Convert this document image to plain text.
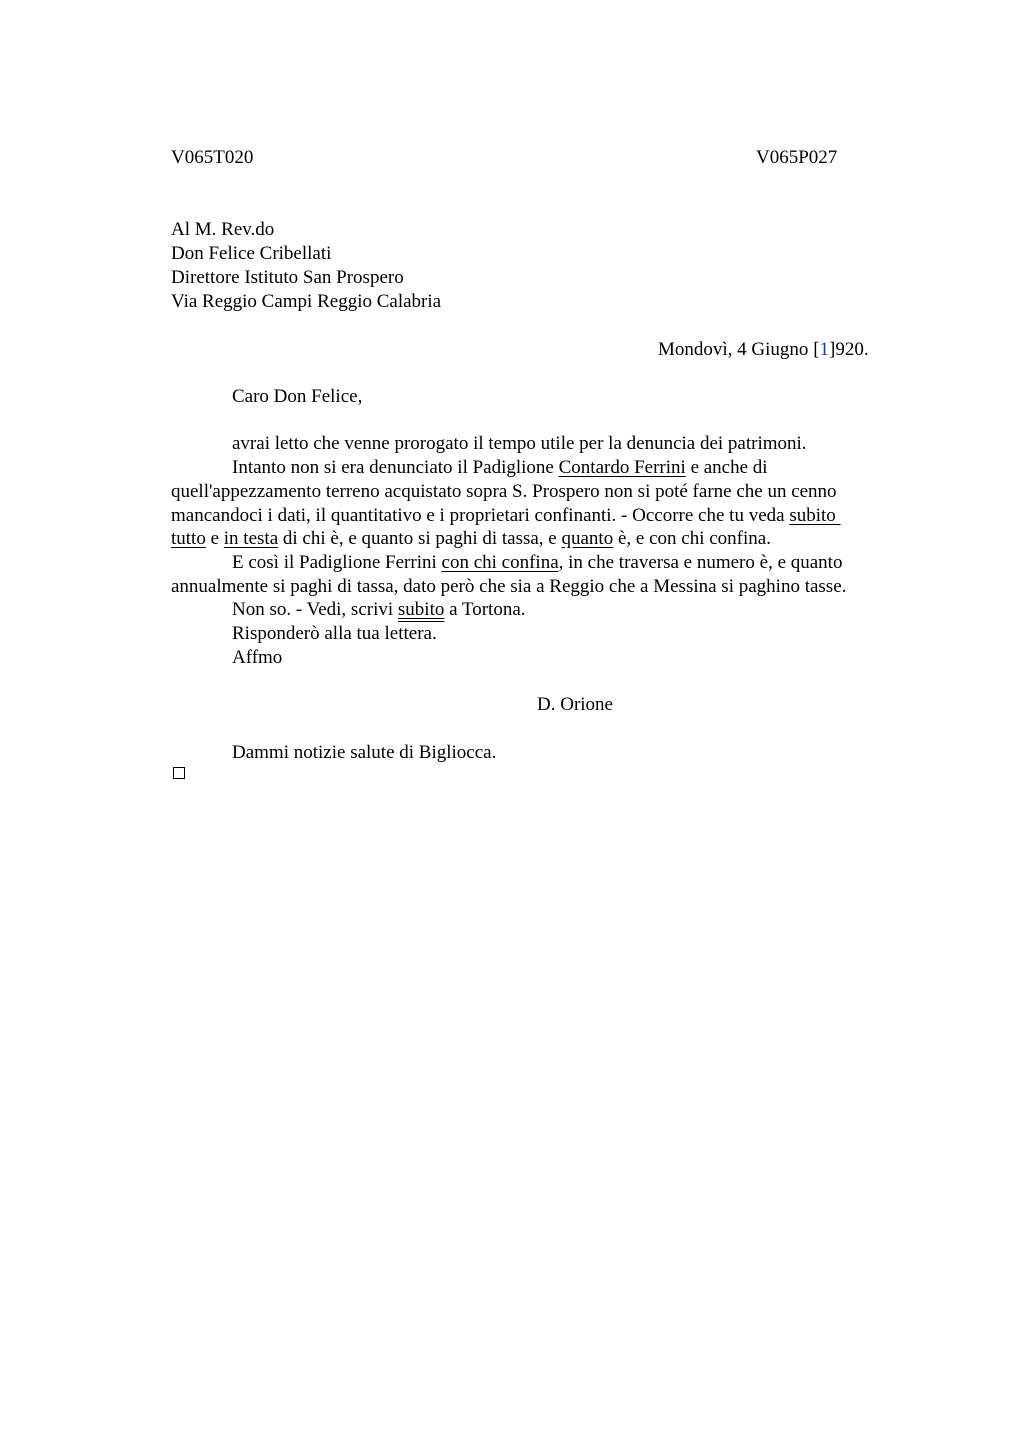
V065T020	V065P027
Al M. Rev.do
Don Felice Cribellati
Direttore Istituto San Prospero
Via Reggio Campi Reggio Calabria
Mondovì, 4 Giugno [1]920.
Caro Don Felice,
avrai letto che venne prorogato il tempo utile per la denuncia dei patrimoni.
Intanto non si era denunciato il Padiglione Contardo Ferrini e anche di
quell'appezzamento terreno acquistato sopra S. Prospero non si poté farne che un cenno
mancandoci i dati, il quantitativo e i proprietari confinanti. - Occorre che tu veda subito
tutto e in testa di chi è, e quanto si paghi di tassa, e quanto è, e con chi confina.
E così il Padiglione Ferrini con chi confina, in che traversa e numero è, e quanto
annualmente si paghi di tassa, dato però che sia a Reggio che a Messina si paghino tasse.
Non so. - Vedi, scrivi subito a Tortona.
Risponderò alla tua lettera.
Affmo
D. Orione
Dammi notizie salute di Bigliocca.
